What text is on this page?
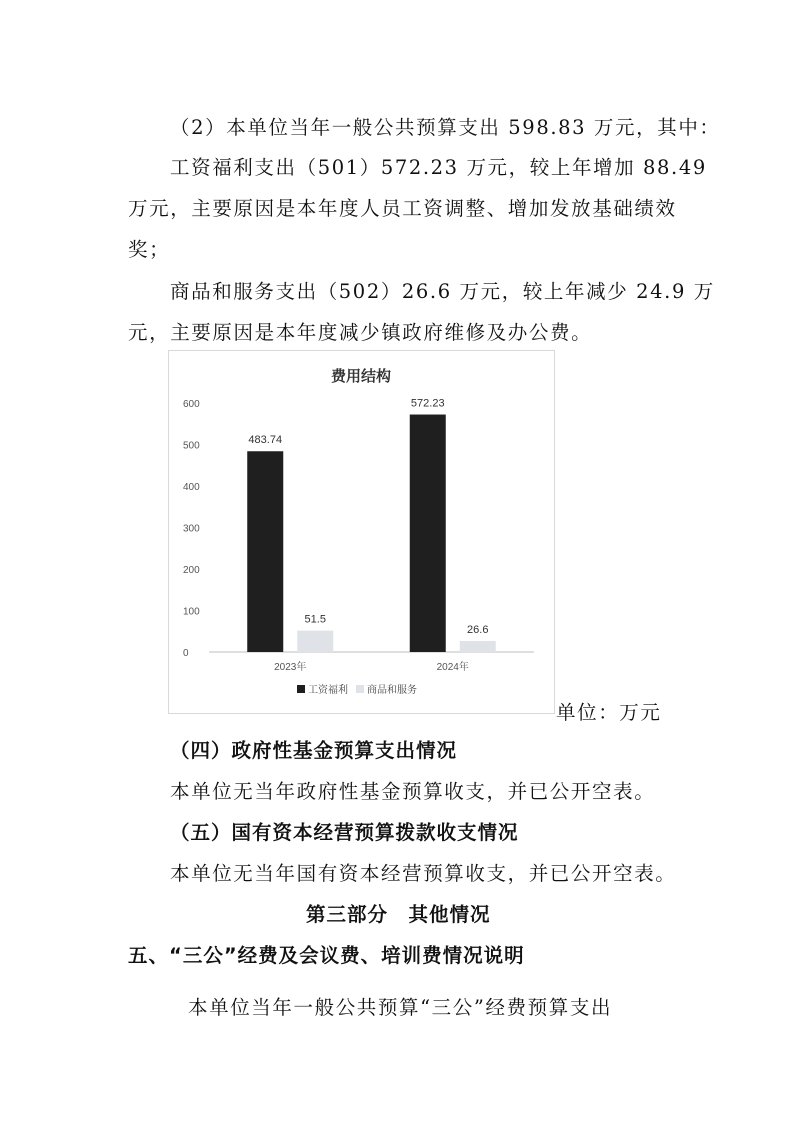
（2）本单位当年一般公共预算支出 598.83 万元，其中：
工资福利支出（501）572.23 万元，较上年增加 88.49
万元，主要原因是本年度人员工资调整、增加发放基础绩效
奖；
商品和服务支出（502）26.6 万元，较上年减少 24.9 万
元，主要原因是本年度减少镇政府维修及办公费。
费用结构
0
100
200
300
400
500
600
483.74
51.5
2023年
572.23
26.6
2024年
工资福利 商品和服务
单位：万元
（四）政府性基金预算支出情况
本单位无当年政府性基金预算收支，并已公开空表。
（五）国有资本经营预算拨款收支情况
本单位无当年国有资本经营预算收支，并已公开空表。
第三部分　其他情况
五、“三公”经费及会议费、培训费情况说明
本单位当年一般公共预算“三公”经费预算支出
